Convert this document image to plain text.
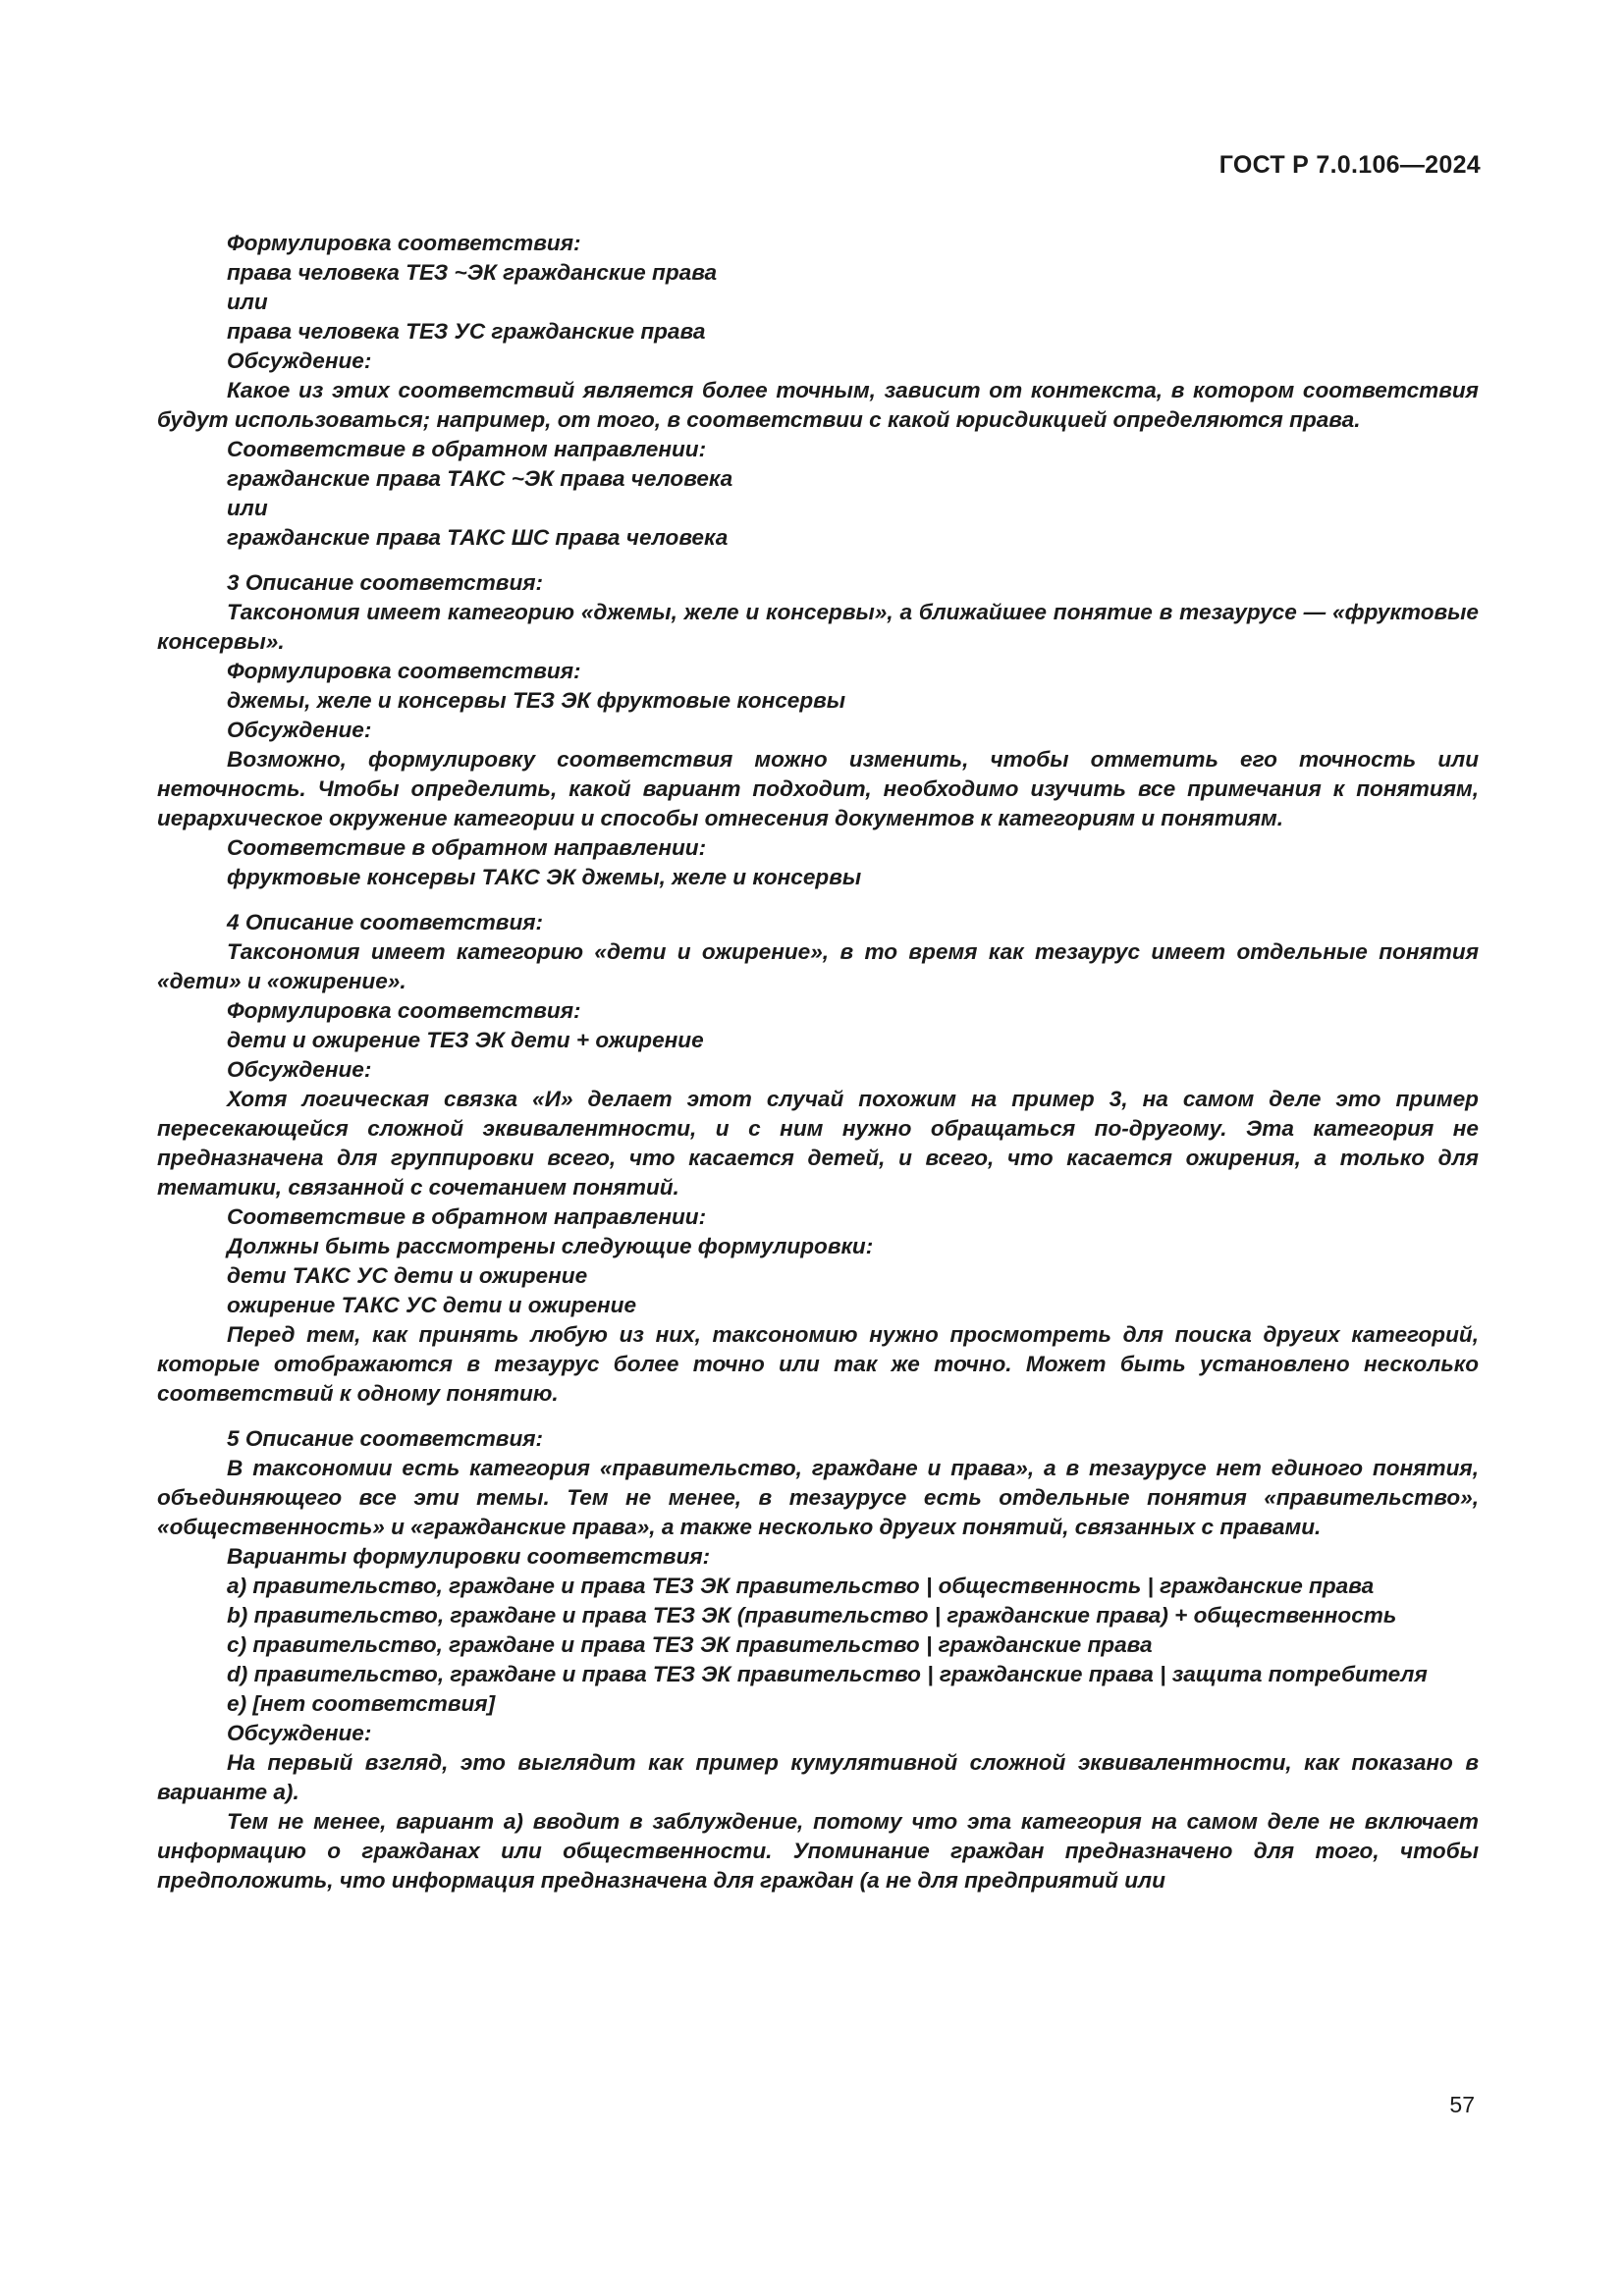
ГОСТ Р 7.0.106—2024

Формулировка соответствия:

права человека ТЕЗ ~ЭК гражданские права

или

права человека ТЕЗ УС гражданские права

Обсуждение:

Какое из этих соответствий является более точным, зависит от контекста, в котором соответствия будут использоваться; например, от того, в соответствии с какой юрисдикцией определяются права.

Соответствие в обратном направлении:

гражданские права ТАКС ~ЭК права человека

или

гражданские права ТАКС ШС права человека

3 Описание соответствия:

Таксономия имеет категорию «джемы, желе и консервы», а ближайшее понятие в тезаурусе — «фруктовые консервы».

Формулировка соответствия:

джемы, желе и консервы ТЕЗ ЭК фруктовые консервы

Обсуждение:

Возможно, формулировку соответствия можно изменить, чтобы отметить его точность или неточность. Чтобы определить, какой вариант подходит, необходимо изучить все примечания к понятиям, иерархическое окружение категории и способы отнесения документов к категориям и понятиям.

Соответствие в обратном направлении:

фруктовые консервы ТАКС ЭК джемы, желе и консервы

4 Описание соответствия:

Таксономия имеет категорию «дети и ожирение», в то время как тезаурус имеет отдельные понятия «дети» и «ожирение».

Формулировка соответствия:

дети и ожирение ТЕЗ ЭК дети + ожирение

Обсуждение:

Хотя логическая связка «И» делает этот случай похожим на пример 3, на самом деле это пример пересекающейся сложной эквивалентности, и с ним нужно обращаться по-другому. Эта категория не предназначена для группировки всего, что касается детей, и всего, что касается ожирения, а только для тематики, связанной с сочетанием понятий.

Соответствие в обратном направлении:

Должны быть рассмотрены следующие формулировки:

дети ТАКС УС дети и ожирение

ожирение ТАКС УС дети и ожирение

Перед тем, как принять любую из них, таксономию нужно просмотреть для поиска других категорий, которые отображаются в тезаурус более точно или так же точно. Может быть установлено несколько соответствий к одному понятию.

5 Описание соответствия:

В таксономии есть категория «правительство, граждане и права», а в тезаурусе нет единого понятия, объединяющего все эти темы. Тем не менее, в тезаурусе есть отдельные понятия «правительство», «общественность» и «гражданские права», а также несколько других понятий, связанных с правами.

Варианты формулировки соответствия:

а) правительство, граждане и права ТЕЗ ЭК правительство | общественность | гражданские права

b) правительство, граждане и права ТЕЗ ЭК (правительство | гражданские права) + общественность

c) правительство, граждане и права ТЕЗ ЭК правительство | гражданские права

d) правительство, граждане и права ТЕЗ ЭК правительство | гражданские права | защита потребителя

e) [нет соответствия]

Обсуждение:

На первый взгляд, это выглядит как пример кумулятивной сложной эквивалентности, как показано в варианте а).

Тем не менее, вариант а) вводит в заблуждение, потому что эта категория на самом деле не включает информацию о гражданах или общественности. Упоминание граждан предназначено для того, чтобы предположить, что информация предназначена для граждан (а не для предприятий или

57
